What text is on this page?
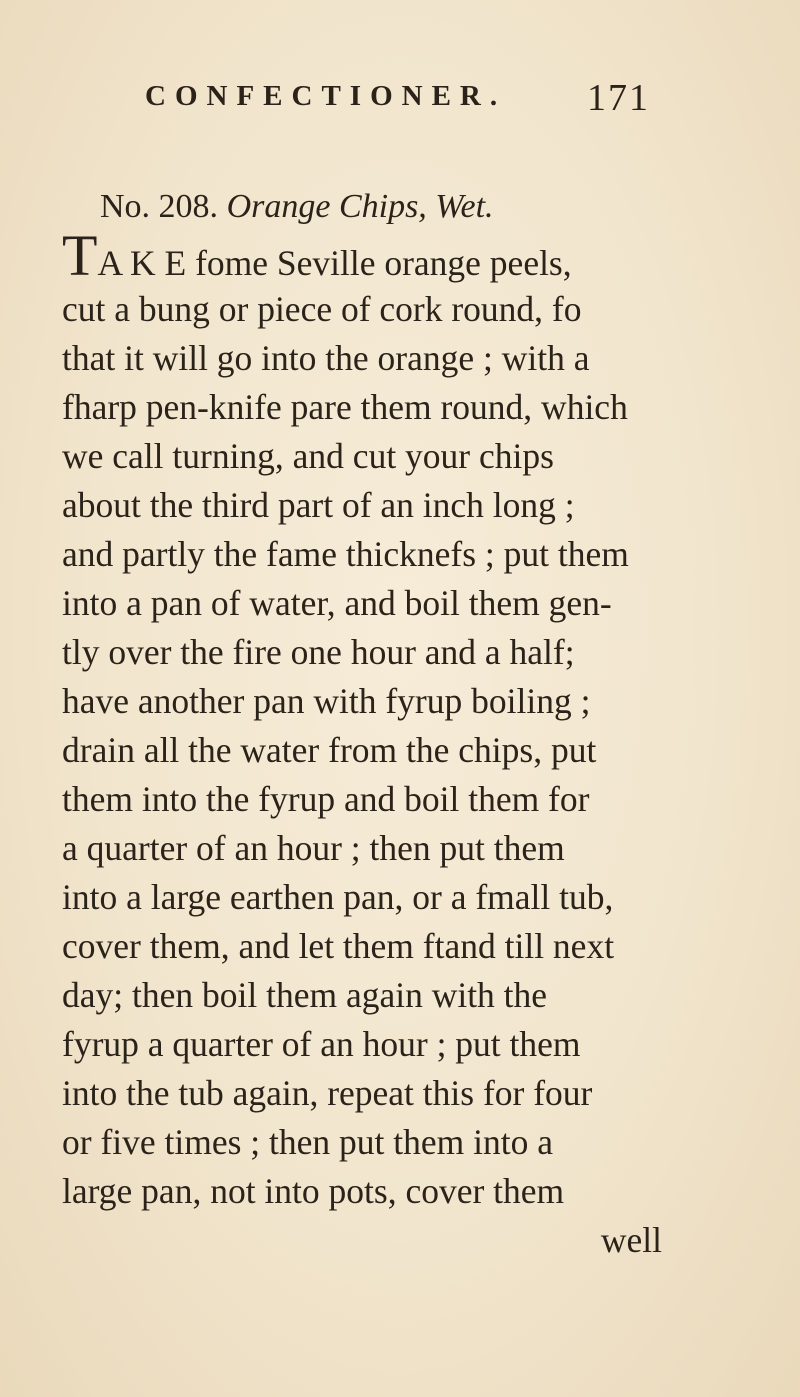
CONFECTIONER. 171
No. 208. Orange Chips, Wet.
TA K E fome Seville orange peels,
cut a bung or piece of cork round, fo
that it will go into the orange ; with a
fharp pen-knife pare them round, which
we call turning, and cut your chips
about the third part of an inch long ;
and partly the fame thicknefs ; put them
into a pan of water, and boil them gen-
tly over the fire one hour and a half;
have another pan with fyrup boiling ;
drain all the water from the chips, put
them into the fyrup and boil them for
a quarter of an hour ; then put them
into a large earthen pan, or a fmall tub,
cover them, and let them ftand till next
day; then boil them again with the
fyrup a quarter of an hour ; put them
into the tub again, repeat this for four
or five times ; then put them into a
large pan, not into pots, cover them
well
